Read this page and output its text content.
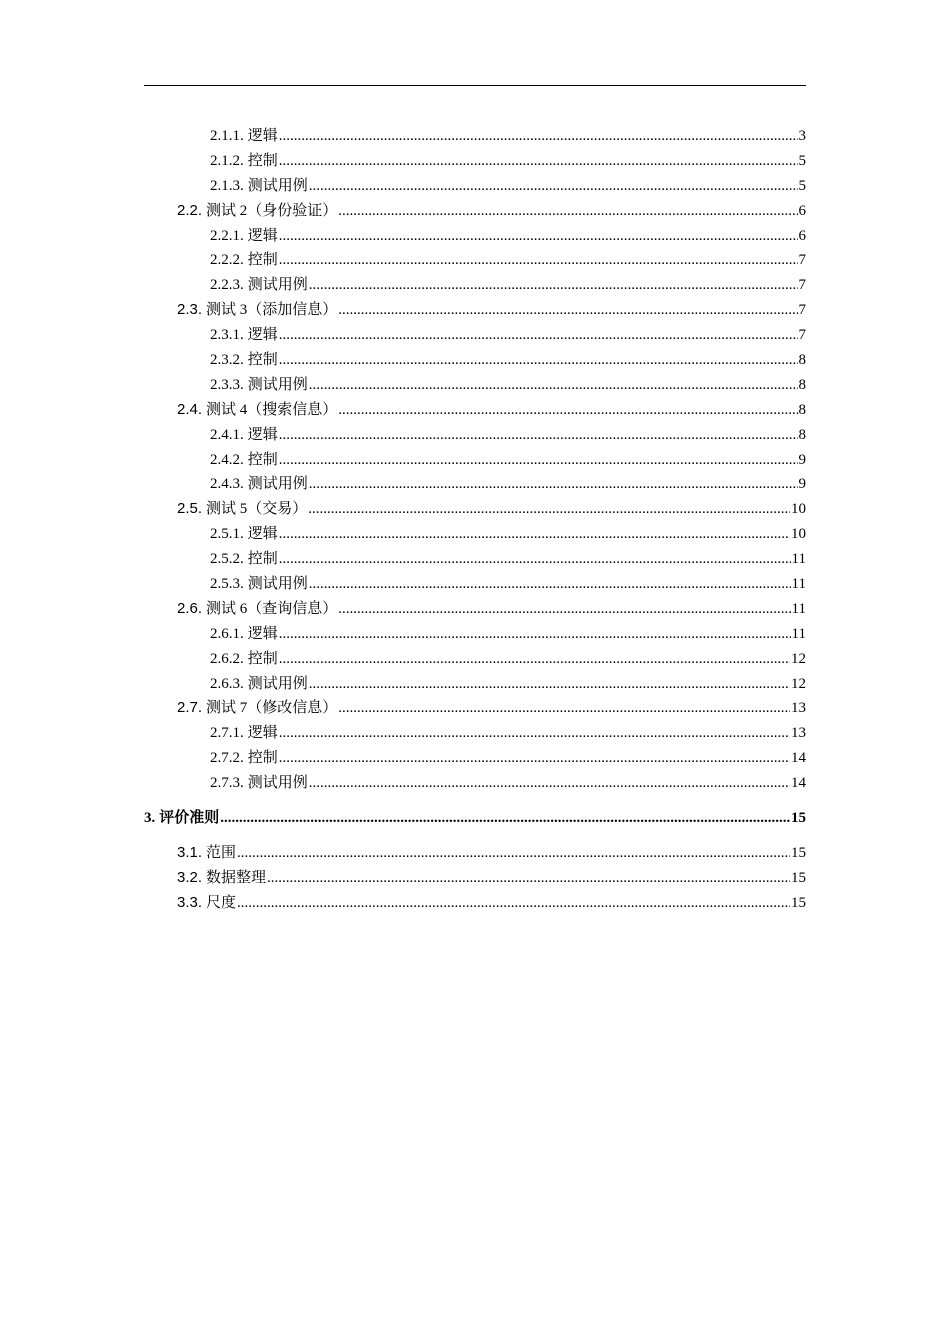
2.1.1. 逻辑 .....	3
2.1.2. 控制 .....	5
2.1.3. 测试用例 .....	5
2.2. 测试 2（身份验证） .....	6
2.2.1. 逻辑 .....	6
2.2.2. 控制 .....	7
2.2.3. 测试用例 .....	7
2.3. 测试 3（添加信息） .....	7
2.3.1. 逻辑 .....	7
2.3.2. 控制 .....	8
2.3.3. 测试用例 .....	8
2.4. 测试 4（搜索信息） .....	8
2.4.1. 逻辑 .....	8
2.4.2. 控制 .....	9
2.4.3. 测试用例 .....	9
2.5. 测试 5（交易） .....	10
2.5.1. 逻辑 .....	10
2.5.2. 控制 .....	11
2.5.3. 测试用例 .....	11
2.6. 测试 6（查询信息） .....	11
2.6.1. 逻辑 .....	11
2.6.2. 控制 .....	12
2.6.3. 测试用例 .....	12
2.7. 测试 7（修改信息） .....	13
2.7.1. 逻辑 .....	13
2.7.2. 控制 .....	14
2.7.3. 测试用例 .....	14
3. 评价准则 .....	15
3.1. 范围 .....	15
3.2. 数据整理 .....	15
3.3. 尺度 .....	15
